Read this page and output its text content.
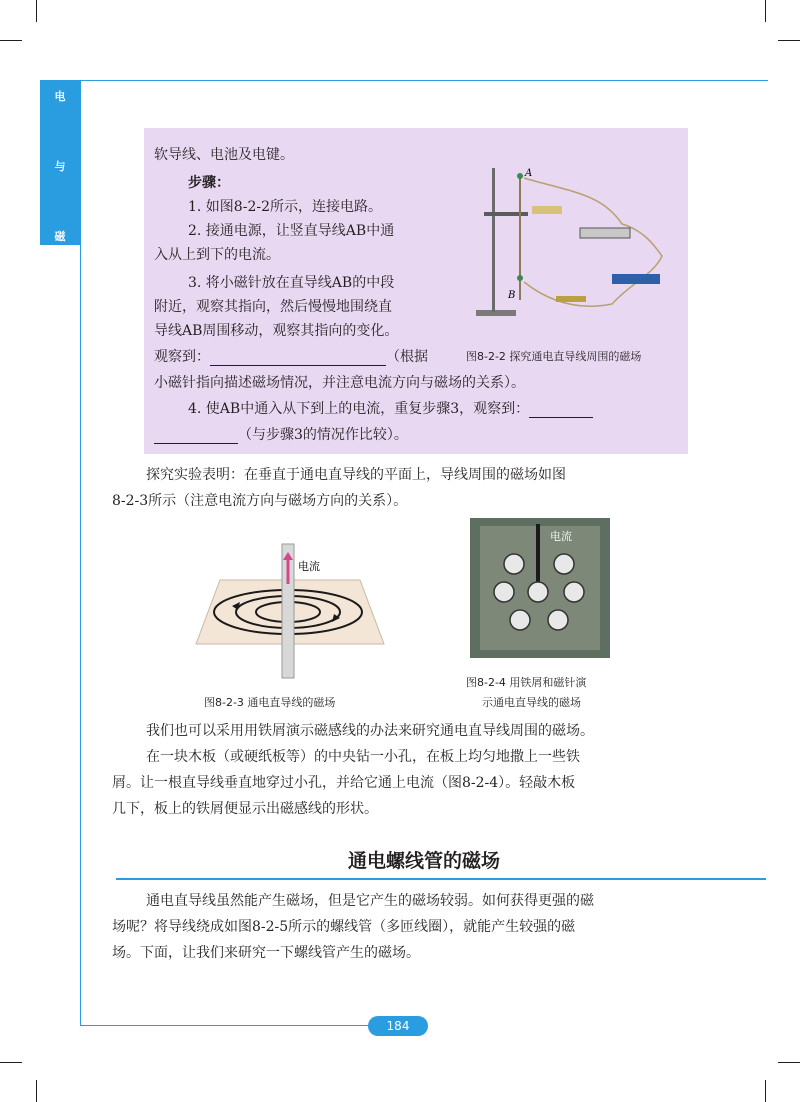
电
与
磁
软导线、电池及电键。
步骤：
1. 如图8-2-2所示，连接电路。
2. 接通电源，让竖直导线AB中通
入从上到下的电流。
3. 将小磁针放在直导线AB的中段
附近，观察其指向，然后慢慢地围绕直
导线AB周围移动，观察其指向的变化。
观察到：	（根据
小磁针指向描述磁场情况，并注意电流方向与磁场的关系）。
4. 使AB中通入从下到上的电流，重复步骤3，观察到：
（与步骤3的情况作比较）。
A
B
图8-2-2 探究通电直导线周围的磁场
探究实验表明：在垂直于通电直导线的平面上，导线周围的磁场如图
8-2-3所示（注意电流方向与磁场方向的关系）。
电流
图8-2-3 通电直导线的磁场
电流
图8-2-4 用铁屑和磁针演
示通电直导线的磁场
我们也可以采用用铁屑演示磁感线的办法来研究通电直导线周围的磁场。
在一块木板（或硬纸板等）的中央钻一小孔，在板上均匀地撒上一些铁
屑。让一根直导线垂直地穿过小孔，并给它通上电流（图8-2-4）。轻敲木板
几下，板上的铁屑便显示出磁感线的形状。
通电螺线管的磁场
通电直导线虽然能产生磁场，但是它产生的磁场较弱。如何获得更强的磁
场呢？将导线绕成如图8-2-5所示的螺线管（多匝线圈），就能产生较强的磁
场。下面，让我们来研究一下螺线管产生的磁场。
184
